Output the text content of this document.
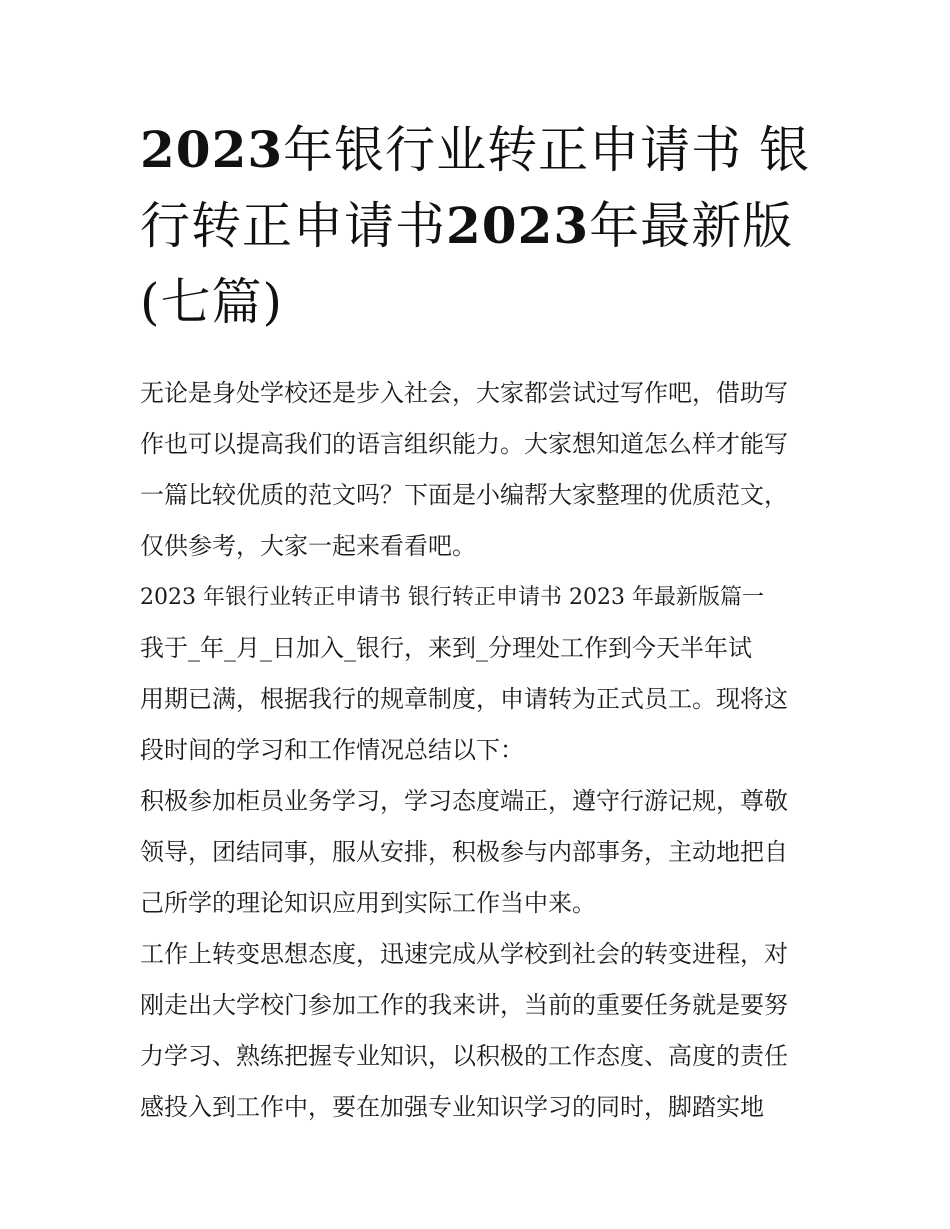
2023年银行业转正申请书 银
行转正申请书2023年最新版
(七篇)

无论是身处学校还是步入社会，大家都尝试过写作吧，借助写
作也可以提高我们的语言组织能力。大家想知道怎么样才能写
一篇比较优质的范文吗？下面是小编帮大家整理的优质范文，
仅供参考，大家一起来看看吧。

2023 年银行业转正申请书 银行转正申请书 2023 年最新版篇一

我于_年_月_日加入_银行，来到_分理处工作到今天半年试
用期已满，根据我行的规章制度，申请转为正式员工。现将这
段时间的学习和工作情况总结以下：

积极参加柜员业务学习，学习态度端正，遵守行游记规，尊敬
领导，团结同事，服从安排，积极参与内部事务，主动地把自
己所学的理论知识应用到实际工作当中来。

工作上转变思想态度，迅速完成从学校到社会的转变进程，对
刚走出大学校门参加工作的我来讲，当前的重要任务就是要努
力学习、熟练把握专业知识，以积极的工作态度、高度的责任
感投入到工作中，要在加强专业知识学习的同时，脚踏实地
